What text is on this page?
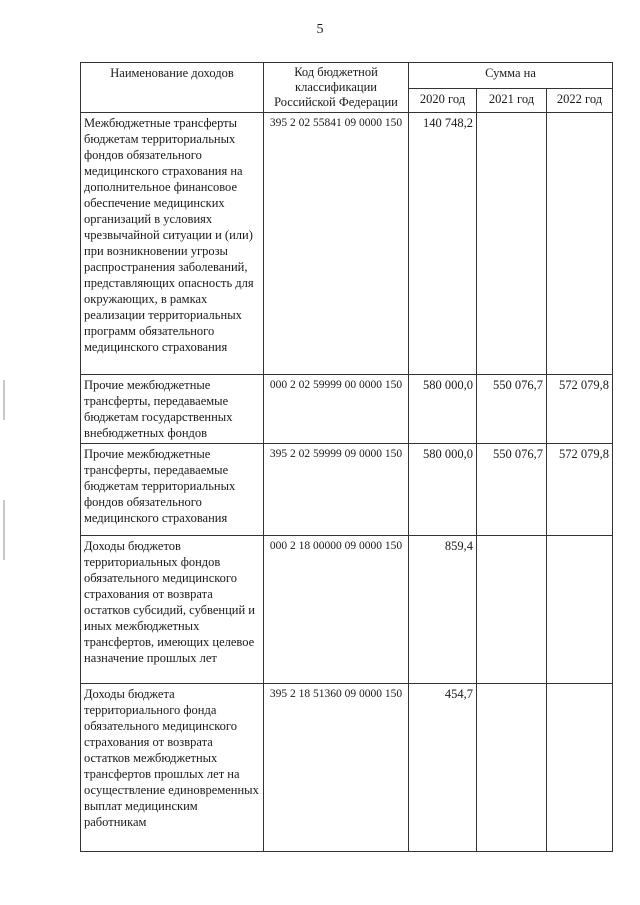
5
Наименование доходов	Код бюджетной классификации Российской Федерации	Сумма на		
		2020 год	2021 год	2022 год
Межбюджетные трансферты бюджетам территориальных фондов обязательного медицинского страхования на дополнительное финансовое обеспечение медицинских организаций в условиях чрезвычайной ситуации и (или) при возникновении угрозы распространения заболеваний, представляющих опасность для окружающих, в рамках реализации территориальных программ обязательного медицинского страхования	395 2 02 55841 09 0000 150	140 748,2		
Прочие межбюджетные трансферты, передаваемые бюджетам государственных внебюджетных фондов	000 2 02 59999 00 0000 150	580 000,0	550 076,7	572 079,8
Прочие межбюджетные трансферты, передаваемые бюджетам территориальных фондов обязательного медицинского страхования	395 2 02 59999 09 0000 150	580 000,0	550 076,7	572 079,8
Доходы бюджетов территориальных фондов обязательного медицинского страхования от возврата остатков субсидий, субвенций и иных межбюджетных трансфертов, имеющих целевое назначение прошлых лет	000 2 18 00000 09 0000 150	859,4		
Доходы бюджета территориального фонда обязательного медицинского страхования от возврата остатков межбюджетных трансфертов прошлых лет на осуществление единовременных выплат медицинским работникам	395 2 18 51360 09 0000 150	454,7		
